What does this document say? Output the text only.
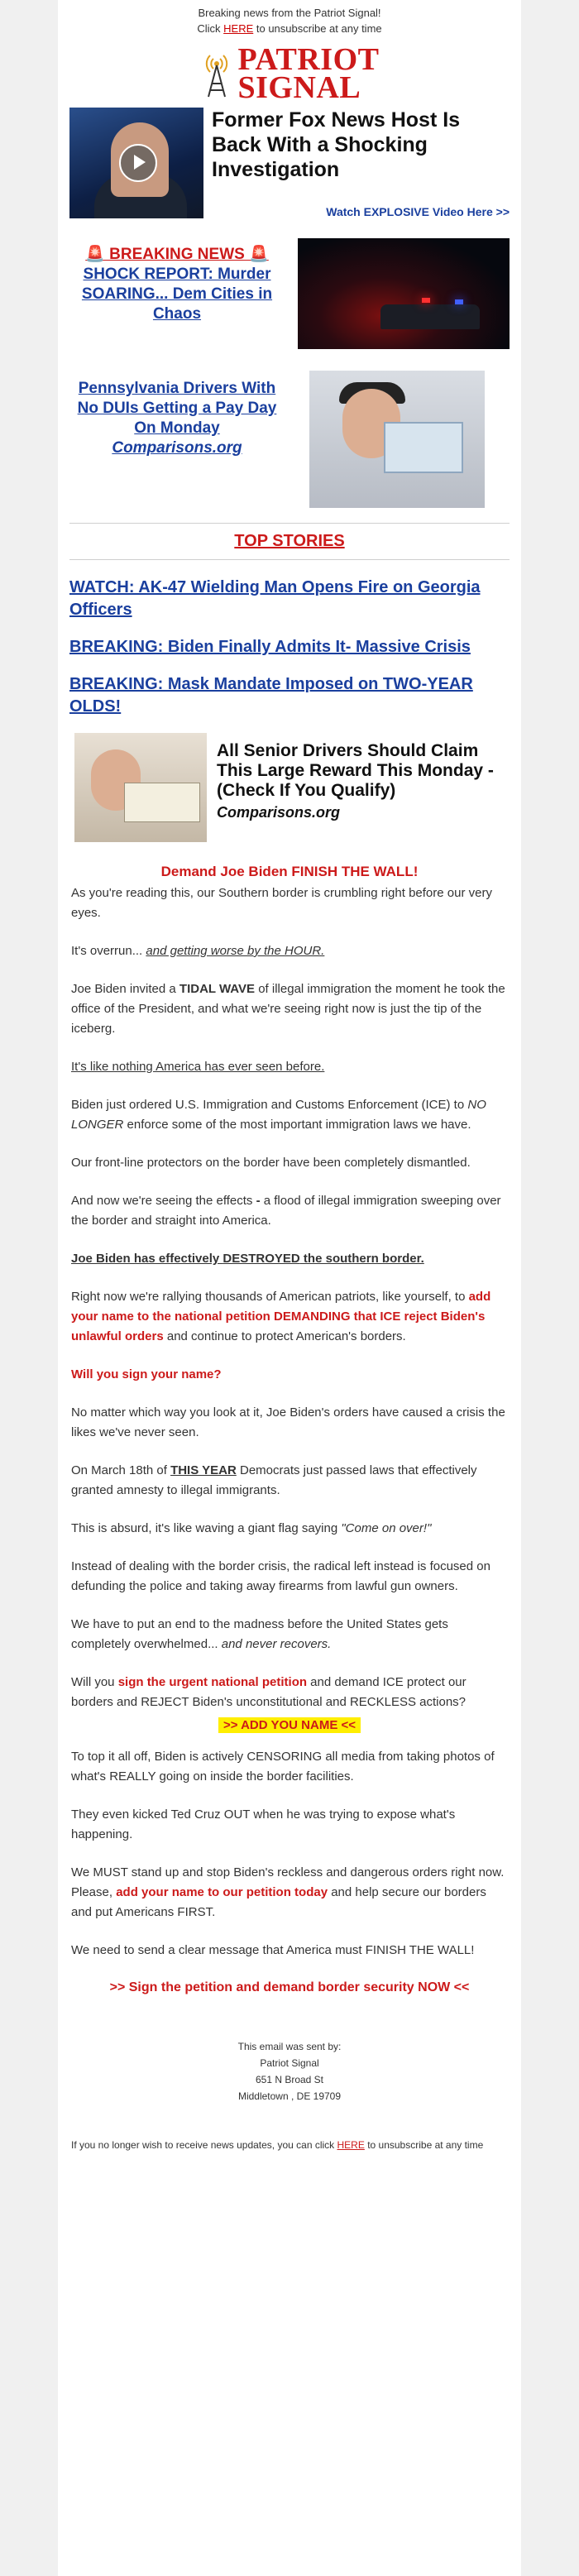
Breaking news from the Patriot Signal!
Click HERE to unsubscribe at any time
PATRIOT
SIGNAL
Former Fox News Host Is Back With a Shocking Investigation
Watch EXPLOSIVE Video Here >>
🚨 BREAKING NEWS 🚨
SHOCK REPORT: Murder SOARING... Dem Cities in Chaos
Pennsylvania Drivers With No DUIs Getting a Pay Day On Monday
Comparisons.org
TOP STORIES
WATCH: AK-47 Wielding Man Opens Fire on Georgia Officers
BREAKING: Biden Finally Admits It- Massive Crisis
BREAKING: Mask Mandate Imposed on TWO-YEAR OLDS!
All Senior Drivers Should Claim This Large Reward This Monday -(Check If You Qualify)
Comparisons.org
Demand Joe Biden FINISH THE WALL!

As you're reading this, our Southern border is crumbling right before our very eyes.

It's overrun... and getting worse by the HOUR.

Joe Biden invited a TIDAL WAVE of illegal immigration the moment he took the office of the President, and what we're seeing right now is just the tip of the iceberg.

It's like nothing America has ever seen before.

Biden just ordered U.S. Immigration and Customs Enforcement (ICE) to NO LONGER enforce some of the most important immigration laws we have.

Our front-line protectors on the border have been completely dismantled.

And now we're seeing the effects - a flood of illegal immigration sweeping over the border and straight into America.

Joe Biden has effectively DESTROYED the southern border.

Right now we're rallying thousands of American patriots, like yourself, to add your name to the national petition DEMANDING that ICE reject Biden's unlawful orders and continue to protect American's borders.

Will you sign your name?

No matter which way you look at it, Joe Biden's orders have caused a crisis the likes we've never seen.

On March 18th of THIS YEAR Democrats just passed laws that effectively granted amnesty to illegal immigrants.

This is absurd, it's like waving a giant flag saying "Come on over!"

Instead of dealing with the border crisis, the radical left instead is focused on defunding the police and taking away firearms from lawful gun owners.

We have to put an end to the madness before the United States gets completely overwhelmed... and never recovers.

Will you sign the urgent national petition and demand ICE protect our borders and REJECT Biden's unconstitutional and RECKLESS actions?

>> ADD YOU NAME <<

To top it all off, Biden is actively CENSORING all media from taking photos of what's REALLY going on inside the border facilities.

They even kicked Ted Cruz OUT when he was trying to expose what's happening.

We MUST stand up and stop Biden's reckless and dangerous orders right now. Please, add your name to our petition today and help secure our borders and put Americans FIRST.

We need to send a clear message that America must FINISH THE WALL!

>> Sign the petition and demand border security NOW <<
This email was sent by:
Patriot Signal
651 N Broad St
Middletown , DE 19709
If you no longer wish to receive news updates, you can click HERE to unsubscribe at any time
